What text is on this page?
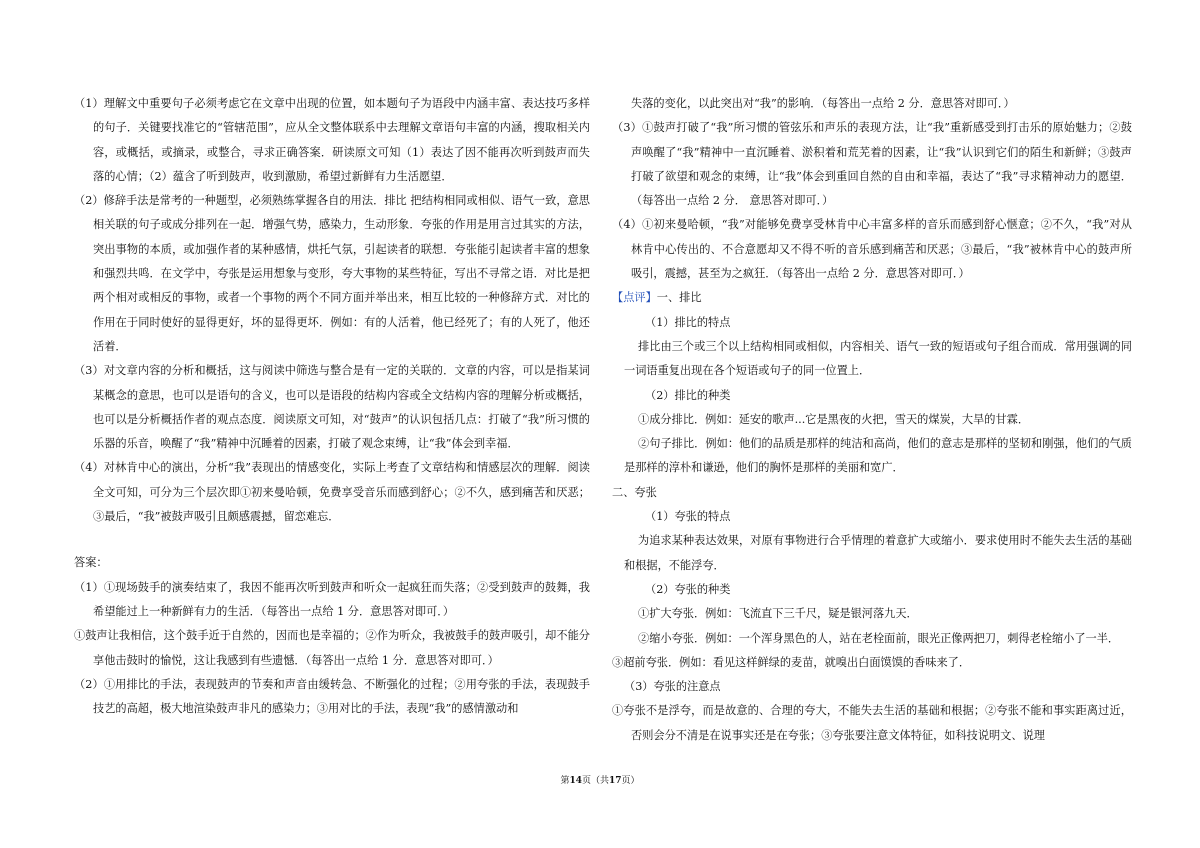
（1）理解文中重要句子必须考虑它在文章中出现的位置，如本题句子为语段中内涵丰富、表达技巧多样的句子．关键要找准它的“管辖范围”，应从全文整体联系中去理解文章语句丰富的内涵，搜取相关内容，或概括，或摘录，或整合，寻求正确答案．研读原文可知（1）表达了因不能再次听到鼓声而失落的心情；（2）蕴含了听到鼓声，收到激励，希望过新鲜有力生活愿望．

（2）修辞手法是常考的一种题型，必须熟练掌握各自的用法．排比 把结构相同或相似、语气一致，意思相关联的句子或成分排列在一起．增强气势，感染力，生动形象．夸张的作用是用言过其实的方法，突出事物的本质，或加强作者的某种感情，烘托气氛，引起读者的联想．夸张能引起读者丰富的想象和强烈共鸣．在文学中，夸张是运用想象与变形，夸大事物的某些特征，写出不寻常之语．对比是把两个相对或相反的事物，或者一个事物的两个不同方面并举出来，相互比较的一种修辞方式．对比的作用在于同时使好的显得更好，坏的显得更坏．例如：有的人活着，他已经死了；有的人死了，他还活着．

（3）对文章内容的分析和概括，这与阅读中筛选与整合是有一定的关联的．文章的内容，可以是指某词某概念的意思，也可以是语句的含义，也可以是语段的结构内容或全文结构内容的理解分析或概括，也可以是分析概括作者的观点态度．阅读原文可知，对“鼓声”的认识包括几点：打破了“我”所习惯的乐器的乐音，唤醒了“我”精神中沉睡着的因素，打破了观念束缚，让“我”体会到幸福．

（4）对林肯中心的演出，分析“我”表现出的情感变化，实际上考查了文章结构和情感层次的理解．阅读全文可知，可分为三个层次即①初来曼哈顿，免费享受音乐而感到舒心；②不久，感到痛苦和厌恶；③最后，“我”被鼓声吸引且颇感震撼，留恋难忘．

答案：

（1）①现场鼓手的演奏结束了，我因不能再次听到鼓声和听众一起疯狂而失落；②受到鼓声的鼓舞，我希望能过上一种新鲜有力的生活．（每答出一点给 1 分．意思答对即可．）

①鼓声让我相信，这个鼓手近于自然的，因而也是幸福的；②作为听众，我被鼓手的鼓声吸引，却不能分享他击鼓时的愉悦，这让我感到有些遗憾．（每答出一点给 1 分．意思答对即可．）

（2）①用排比的手法，表现鼓声的节奏和声音由缓转急、不断强化的过程；②用夸张的手法，表现鼓手技艺的高超，极大地渲染鼓声非凡的感染力；③用对比的手法，表现“我”的感情激动和

失落的变化，以此突出对“我”的影响．（每答出一点给 2 分．意思答对即可．）

（3）①鼓声打破了“我”所习惯的管弦乐和声乐的表现方法，让“我”重新感受到打击乐的原始魅力；②鼓声唤醒了“我”精神中一直沉睡着、淤积着和荒芜着的因素，让“我”认识到它们的陌生和新鲜；③鼓声打破了欲望和观念的束缚，让“我”体会到重回自然的自由和幸福，表达了“我”寻求精神动力的愿望．（每答出一点给 2 分． 意思答对即可．）

（4）①初来曼哈顿，“我”对能够免费享受林肯中心丰富多样的音乐而感到舒心惬意；②不久，“我”对从林肯中心传出的、不合意愿却又不得不听的音乐感到痛苦和厌恶；③最后，“我”被林肯中心的鼓声所吸引，震撼，甚至为之疯狂．（每答出一点给 2 分．意思答对即可．）

【点评】一、排比

（1）排比的特点

排比由三个或三个以上结构相同或相似，内容相关、语气一致的短语或句子组合而成．常用强调的同一词语重复出现在各个短语或句子的同一位置上．

（2）排比的种类

①成分排比．例如：延安的歌声...它是黑夜的火把，雪天的煤炭，大旱的甘霖．

②句子排比．例如：他们的品质是那样的纯洁和高尚，他们的意志是那样的坚韧和刚强，他们的气质是那样的淳朴和谦逊，他们的胸怀是那样的美丽和宽广．

二、夸张

（1）夸张的特点

为追求某种表达效果，对原有事物进行合乎情理的着意扩大或缩小．要求使用时不能失去生活的基础和根据，不能浮夸．

（2）夸张的种类

①扩大夸张．例如：飞流直下三千尺，疑是银河落九天．

②缩小夸张．例如：一个浑身黑色的人，站在老栓面前，眼光正像两把刀，刺得老栓缩小了一半．

③超前夸张．例如：看见这样鲜绿的麦苗，就嗅出白面馍馍的香味来了．

（3）夸张的注意点

①夸张不是浮夸，而是故意的、合理的夸大，不能失去生活的基础和根据；②夸张不能和事实距离过近，否则会分不清是在说事实还是在夸张；③夸张要注意文体特征，如科技说明文、说理

第14页（共17页）
